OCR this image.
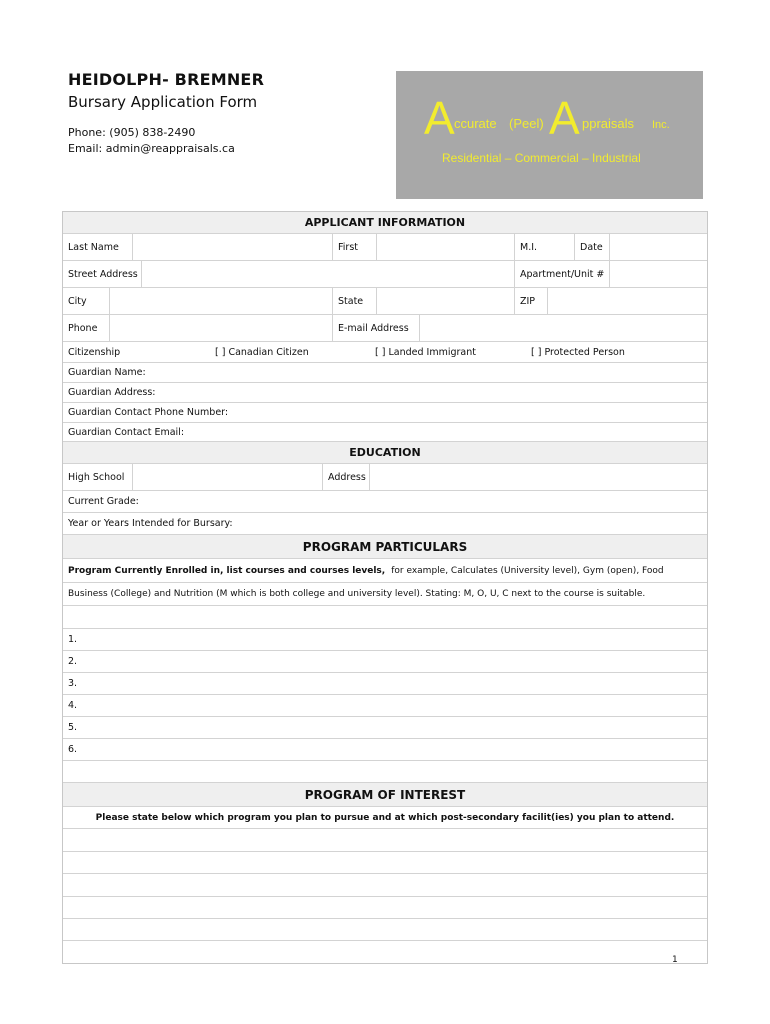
HEIDOLPH- BREMNER
Bursary Application Form
Phone: (905) 838-2490
Email: admin@reappraisals.ca
A ccurate (Peel) A ppraisals Inc.
Residential – Commercial – Industrial
APPLICANT INFORMATION
Last Name	First	M.I.	Date
Street Address	Apartment/Unit #
City	State	ZIP
Phone	E-mail Address
Citizenship	[ ] Canadian Citizen	[ ] Landed Immigrant	[ ] Protected Person
Guardian Name:
Guardian Address:
Guardian Contact Phone Number:
Guardian Contact Email:
EDUCATION
High School	Address
Current Grade:
Year or Years Intended for Bursary:
PROGRAM PARTICULARS
Program Currently Enrolled in, list courses and courses levels, for example, Calculates (University level), Gym (open), Food
Business (College) and Nutrition (M which is both college and university level). Stating: M, O, U, C next to the course is suitable.
1.
2.
3.
4.
5.
6.
PROGRAM OF INTEREST
Please state below which program you plan to pursue and at which post-secondary facilit(ies) you plan to attend.
1
